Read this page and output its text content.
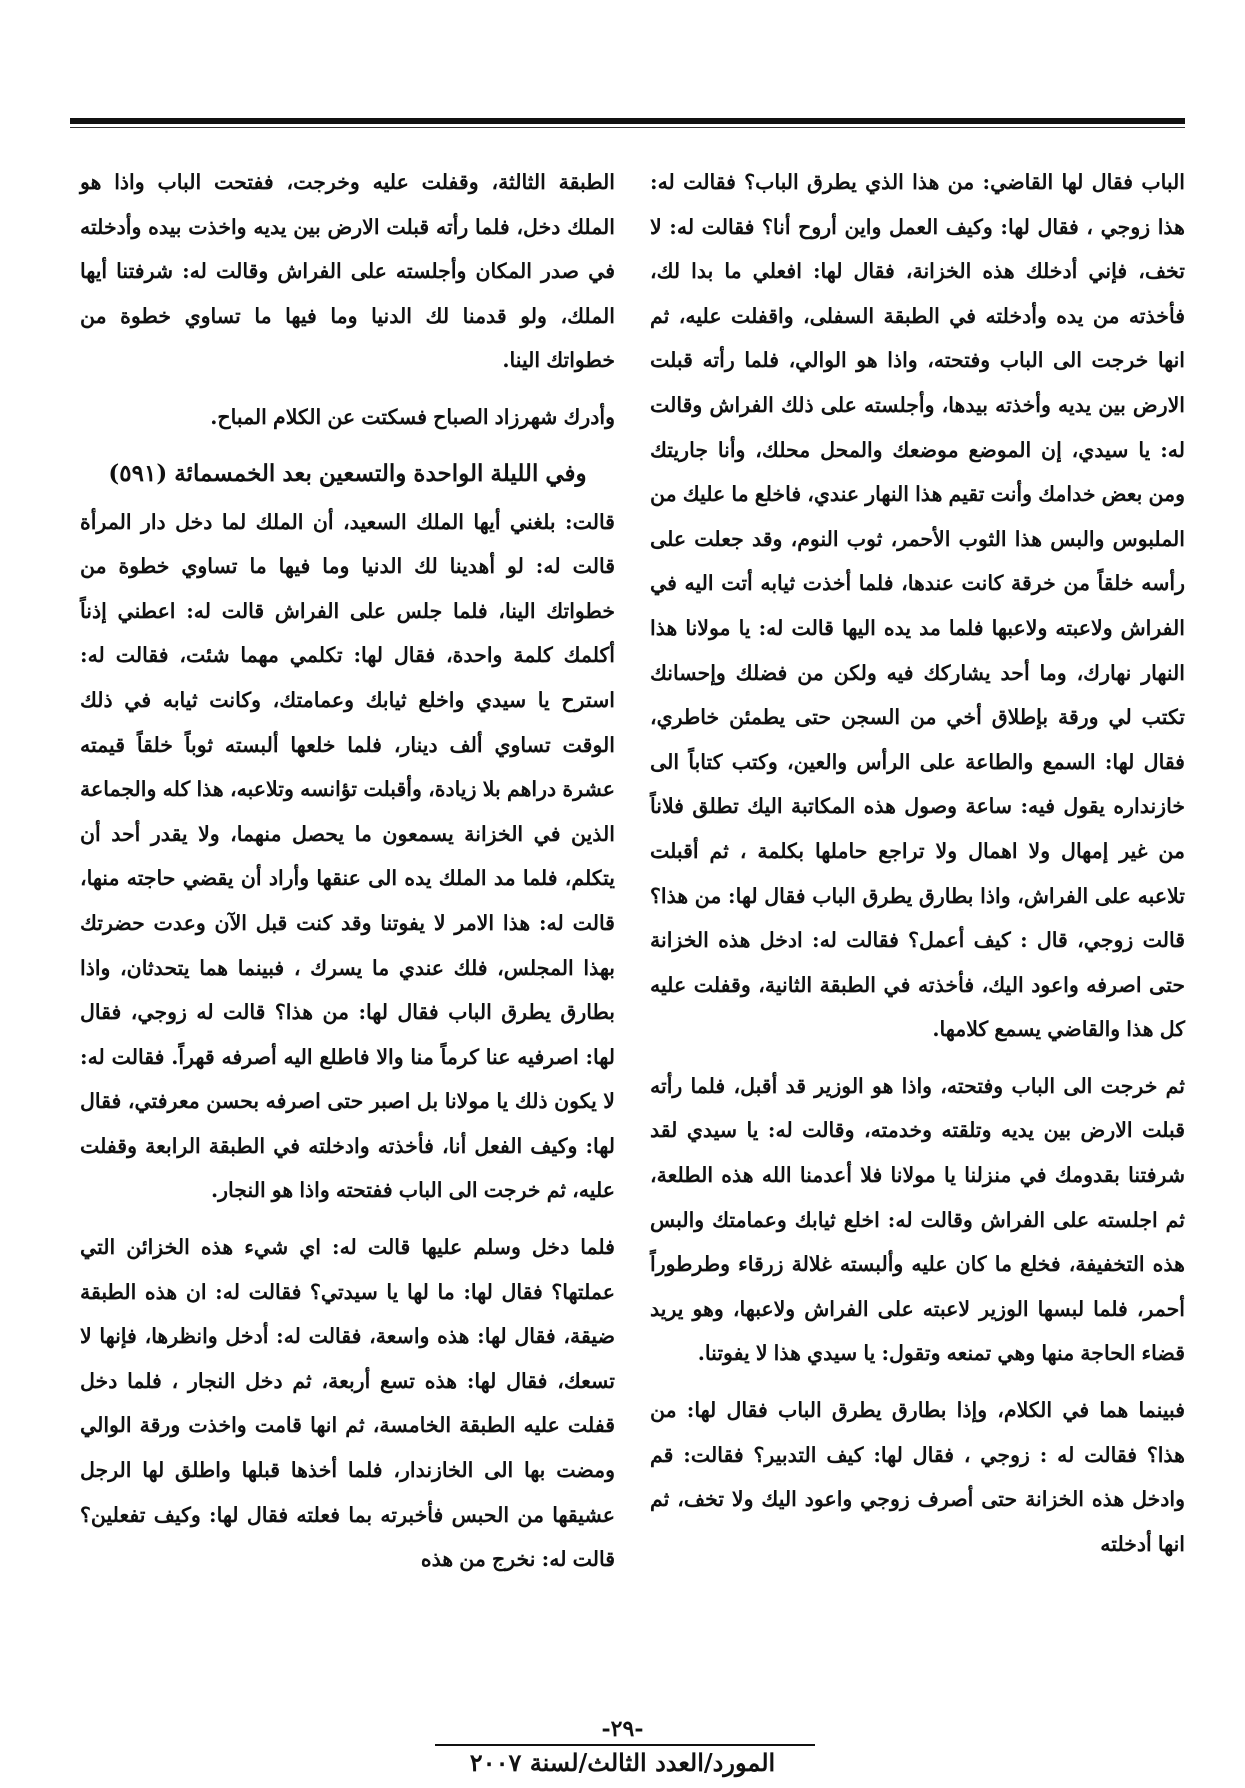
الباب فقال لها القاضي: من هذا الذي يطرق الباب؟ فقالت له: هذا زوجي ، فقال لها: وكيف العمل واين أروح أنا؟ فقالت له: لا تخف، فإني أدخلك هذه الخزانة، فقال لها: افعلي ما بدا لك، فأخذته من يده وأدخلته في الطبقة السفلى، واقفلت عليه، ثم انها خرجت الى الباب وفتحته، واذا هو الوالي، فلما رأته قبلت الارض بين يديه وأخذته بيدها، وأجلسته على ذلك الفراش وقالت له: يا سيدي، إن الموضع موضعك والمحل محلك، وأنا جاريتك ومن بعض خدامك وأنت تقيم هذا النهار عندي، فاخلع ما عليك من الملبوس والبس هذا الثوب الأحمر، ثوب النوم، وقد جعلت على رأسه خلقاً من خرقة كانت عندها، فلما أخذت ثيابه أتت اليه في الفراش ولاعبته ولاعبها فلما مد يده اليها قالت له: يا مولانا هذا النهار نهارك، وما أحد يشاركك فيه ولكن من فضلك وإحسانك تكتب لي ورقة بإطلاق أخي من السجن حتى يطمئن خاطري، فقال لها: السمع والطاعة على الرأس والعين، وكتب كتاباً الى خازنداره يقول فيه: ساعة وصول هذه المكاتبة اليك تطلق فلاناً من غير إمهال ولا اهمال ولا تراجع حاملها بكلمة ، ثم أقبلت تلاعبه على الفراش، واذا بطارق يطرق الباب فقال لها: من هذا؟ قالت زوجي، قال : كيف أعمل؟ فقالت له: ادخل هذه الخزانة حتى اصرفه واعود اليك، فأخذته في الطبقة الثانية، وقفلت عليه كل هذا والقاضي يسمع كلامها.

ثم خرجت الى الباب وفتحته، واذا هو الوزير قد أقبل، فلما رأته قبلت الارض بين يديه وتلقته وخدمته، وقالت له: يا سيدي لقد شرفتنا بقدومك في منزلنا يا مولانا فلا أعدمنا الله هذه الطلعة، ثم اجلسته على الفراش وقالت له: اخلع ثيابك وعمامتك والبس هذه التخفيفة، فخلع ما كان عليه وألبسته غلالة زرقاء وطرطوراً أحمر، فلما لبسها الوزير لاعبته على الفراش ولاعبها، وهو يريد قضاء الحاجة منها وهي تمنعه وتقول: يا سيدي هذا لا يفوتنا.

فبينما هما في الكلام، وإذا بطارق يطرق الباب فقال لها: من هذا؟ فقالت له : زوجي ، فقال لها: كيف التدبير؟ فقالت: قم وادخل هذه الخزانة حتى أصرف زوجي واعود اليك ولا تخف، ثم انها أدخلته

الطبقة الثالثة، وقفلت عليه وخرجت، ففتحت الباب واذا هو الملك دخل، فلما رأته قبلت الارض بين يديه واخذت بيده وأدخلته في صدر المكان وأجلسته على الفراش وقالت له: شرفتنا أيها الملك، ولو قدمنا لك الدنيا وما فيها ما تساوي خطوة من خطواتك الينا.

وأدرك شهرزاد الصباح فسكتت عن الكلام المباح.

وفي الليلة الواحدة والتسعين بعد الخمسمائة (٥٩١)

قالت: بلغني أيها الملك السعيد، أن الملك لما دخل دار المرأة قالت له: لو أهدينا لك الدنيا وما فيها ما تساوي خطوة من خطواتك الينا، فلما جلس على الفراش قالت له: اعطني إذناً أكلمك كلمة واحدة، فقال لها: تكلمي مهما شئت، فقالت له: استرح يا سيدي واخلع ثيابك وعمامتك، وكانت ثيابه في ذلك الوقت تساوي ألف دينار، فلما خلعها ألبسته ثوباً خلقاً قيمته عشرة دراهم بلا زيادة، وأقبلت تؤانسه وتلاعبه، هذا كله والجماعة الذين في الخزانة يسمعون ما يحصل منهما، ولا يقدر أحد أن يتكلم، فلما مد الملك يده الى عنقها وأراد أن يقضي حاجته منها، قالت له: هذا الامر لا يفوتنا وقد كنت قبل الآن وعدت حضرتك بهذا المجلس، فلك عندي ما يسرك ، فبينما هما يتحدثان، واذا بطارق يطرق الباب فقال لها: من هذا؟ قالت له زوجي، فقال لها: اصرفيه عنا كرماً منا والا فاطلع اليه أصرفه قهراً. فقالت له: لا يكون ذلك يا مولانا بل اصبر حتى اصرفه بحسن معرفتي، فقال لها: وكيف الفعل أنا، فأخذته وادخلته في الطبقة الرابعة وقفلت عليه، ثم خرجت الى الباب ففتحته واذا هو النجار.

فلما دخل وسلم عليها قالت له: اي شيء هذه الخزائن التي عملتها؟ فقال لها: ما لها يا سيدتي؟ فقالت له: ان هذه الطبقة ضيقة، فقال لها: هذه واسعة، فقالت له: أدخل وانظرها، فإنها لا تسعك، فقال لها: هذه تسع أربعة، ثم دخل النجار ، فلما دخل قفلت عليه الطبقة الخامسة، ثم انها قامت واخذت ورقة الوالي ومضت بها الى الخازندار، فلما أخذها قبلها واطلق لها الرجل عشيقها من الحبس فأخبرته بما فعلته فقال لها: وكيف تفعلين؟ قالت له: نخرج من هذه

-٢٩-
المورد/العدد الثالث/لسنة ٢٠٠٧
